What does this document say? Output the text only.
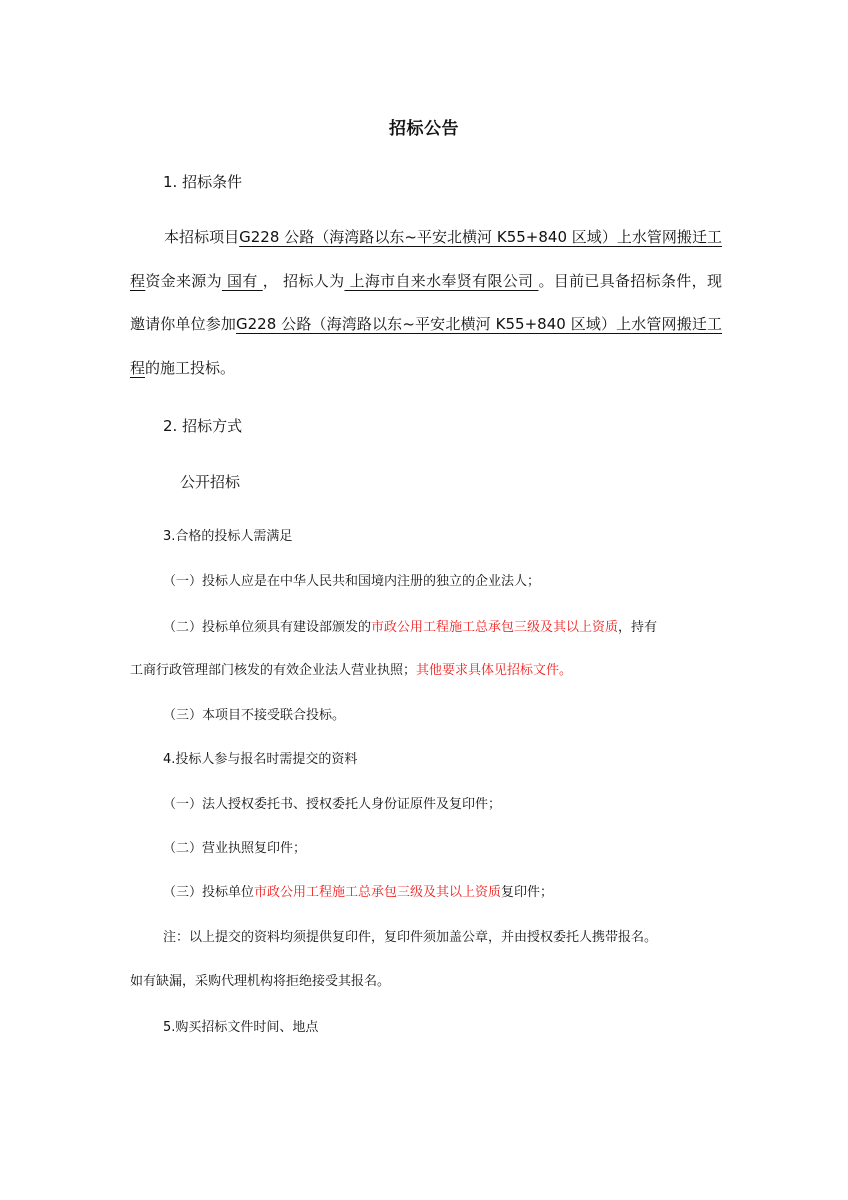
招标公告
1. 招标条件
本招标项目G228 公路（海湾路以东~平安北横河 K55+840 区域）上水管网搬迁工程资金来源为 国有 ， 招标人为 上海市自来水奉贤有限公司 。目前已具备招标条件，现邀请你单位参加G228 公路（海湾路以东~平安北横河 K55+840 区域）上水管网搬迁工程的施工投标。
2. 招标方式
公开招标
3.合格的投标人需满足
（一）投标人应是在中华人民共和国境内注册的独立的企业法人；
（二）投标单位须具有建设部颁发的市政公用工程施工总承包三级及其以上资质，持有
工商行政管理部门核发的有效企业法人营业执照；其他要求具体见招标文件。
（三）本项目不接受联合投标。
4.投标人参与报名时需提交的资料
（一）法人授权委托书、授权委托人身份证原件及复印件；
（二）营业执照复印件；
（三）投标单位市政公用工程施工总承包三级及其以上资质复印件；
注：以上提交的资料均须提供复印件，复印件须加盖公章，并由授权委托人携带报名。
如有缺漏，采购代理机构将拒绝接受其报名。
5.购买招标文件时间、地点
